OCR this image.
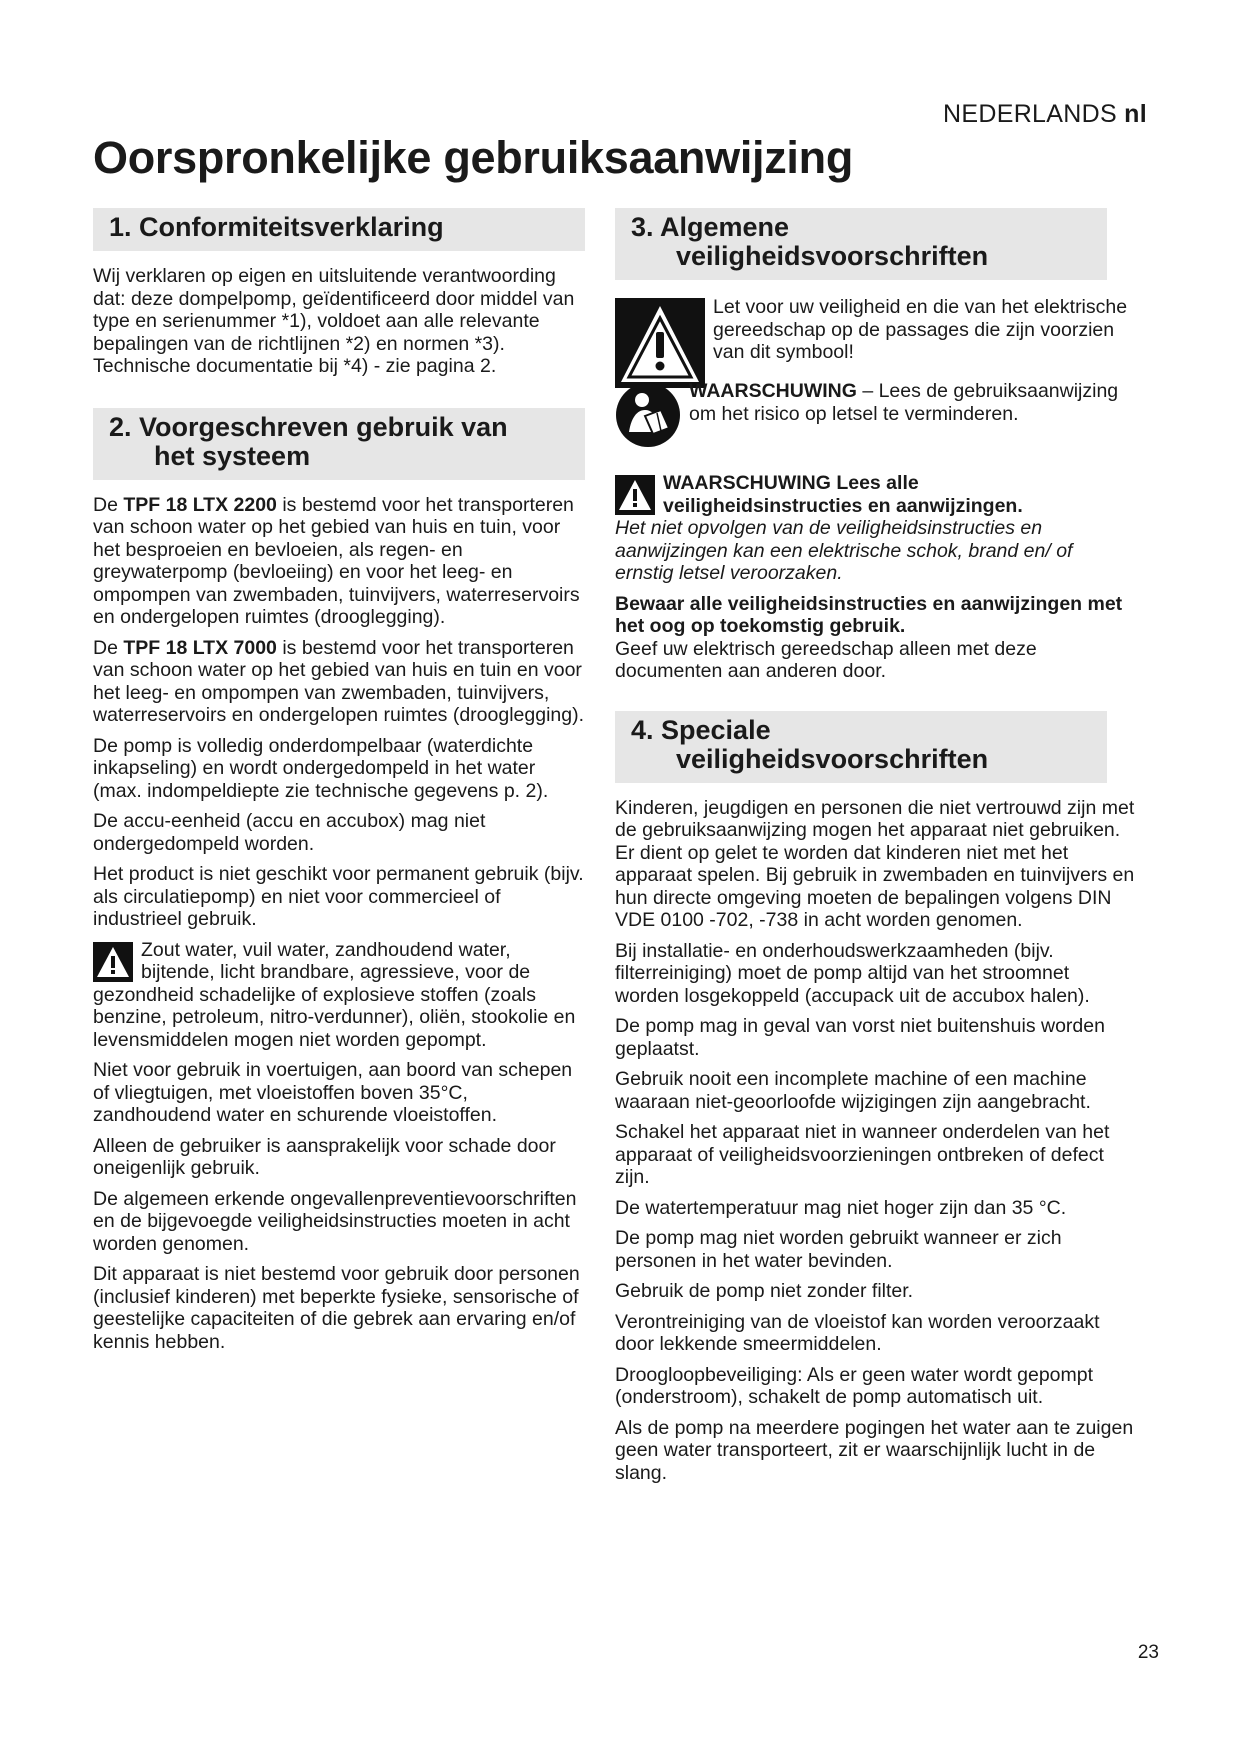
NEDERLANDS nl
Oorspronkelijke gebruiksaanwijzing
1. Conformiteitsverklaring

Wij verklaren op eigen en uitsluitende verantwoording dat: deze dompelpomp, geïdentificeerd door middel van type en serienummer *1), voldoet aan alle relevante bepalingen van de richtlijnen *2) en normen *3). Technische documentatie bij *4) - zie pagina 2.

2. Voorgeschreven gebruik van
het systeem

De TPF 18 LTX 2200 is bestemd voor het transporteren van schoon water op het gebied van huis en tuin, voor het besproeien en bevloeien, als regen- en greywaterpomp (bevloeiing) en voor het leeg- en ompompen van zwembaden, tuinvijvers, waterreservoirs en ondergelopen ruimtes (drooglegging).

De TPF 18 LTX 7000 is bestemd voor het transporteren van schoon water op het gebied van huis en tuin en voor het leeg- en ompompen van zwembaden, tuinvijvers, waterreservoirs en ondergelopen ruimtes (drooglegging).

De pomp is volledig onderdompelbaar (waterdichte inkapseling) en wordt ondergedompeld in het water (max. indompeldiepte zie technische gegevens p. 2).

De accu-eenheid (accu en accubox) mag niet ondergedompeld worden.

Het product is niet geschikt voor permanent gebruik (bijv. als circulatiepomp) en niet voor commercieel of industrieel gebruik.

Zout water, vuil water, zandhoudend water, bijtende, licht brandbare, agressieve, voor de gezondheid schadelijke of explosieve stoffen (zoals benzine, petroleum, nitro-verdunner), oliën, stookolie en levensmiddelen mogen niet worden gepompt.

Niet voor gebruik in voertuigen, aan boord van schepen of vliegtuigen, met vloeistoffen boven 35°C, zandhoudend water en schurende vloeistoffen.

Alleen de gebruiker is aansprakelijk voor schade door oneigenlijk gebruik.

De algemeen erkende ongevallenpreventievoorschriften en de bijgevoegde veiligheidsinstructies moeten in acht worden genomen.

Dit apparaat is niet bestemd voor gebruik door personen (inclusief kinderen) met beperkte fysieke, sensorische of geestelijke capaciteiten of die gebrek aan ervaring en/of kennis hebben.

3. Algemene
veiligheidsvoorschriften

Let voor uw veiligheid en die van het elektrische gereedschap op de passages die zijn voorzien van dit symbool!

WAARSCHUWING – Lees de gebruiksaanwijzing om het risico op letsel te verminderen.

WAARSCHUWING Lees alle
veiligheidsinstructies en aanwijzingen.

Het niet opvolgen van de veiligheidsinstructies en aanwijzingen kan een elektrische schok, brand en/ of ernstig letsel veroorzaken.

Bewaar alle veiligheidsinstructies en aanwijzingen met het oog op toekomstig gebruik.

Geef uw elektrisch gereedschap alleen met deze documenten aan anderen door.

4. Speciale
veiligheidsvoorschriften

Kinderen, jeugdigen en personen die niet vertrouwd zijn met de gebruiksaanwijzing mogen het apparaat niet gebruiken. Er dient op gelet te worden dat kinderen niet met het apparaat spelen. Bij gebruik in zwembaden en tuinvijvers en hun directe omgeving moeten de bepalingen volgens DIN VDE 0100 -702, -738 in acht worden genomen.

Bij installatie- en onderhoudswerkzaamheden (bijv. filterreiniging) moet de pomp altijd van het stroomnet worden losgekoppeld (accupack uit de accubox halen).

De pomp mag in geval van vorst niet buitenshuis worden geplaatst.

Gebruik nooit een incomplete machine of een machine waaraan niet-geoorloofde wijzigingen zijn aangebracht.

Schakel het apparaat niet in wanneer onderdelen van het apparaat of veiligheidsvoorzieningen ontbreken of defect zijn.

De watertemperatuur mag niet hoger zijn dan 35 °C.

De pomp mag niet worden gebruikt wanneer er zich personen in het water bevinden.

Gebruik de pomp niet zonder filter.

Verontreiniging van de vloeistof kan worden veroorzaakt door lekkende smeermiddelen.

Droogloopbeveiliging: Als er geen water wordt gepompt (onderstroom), schakelt de pomp automatisch uit.

Als de pomp na meerdere pogingen het water aan te zuigen geen water transporteert, zit er waarschijnlijk lucht in de slang.

23
